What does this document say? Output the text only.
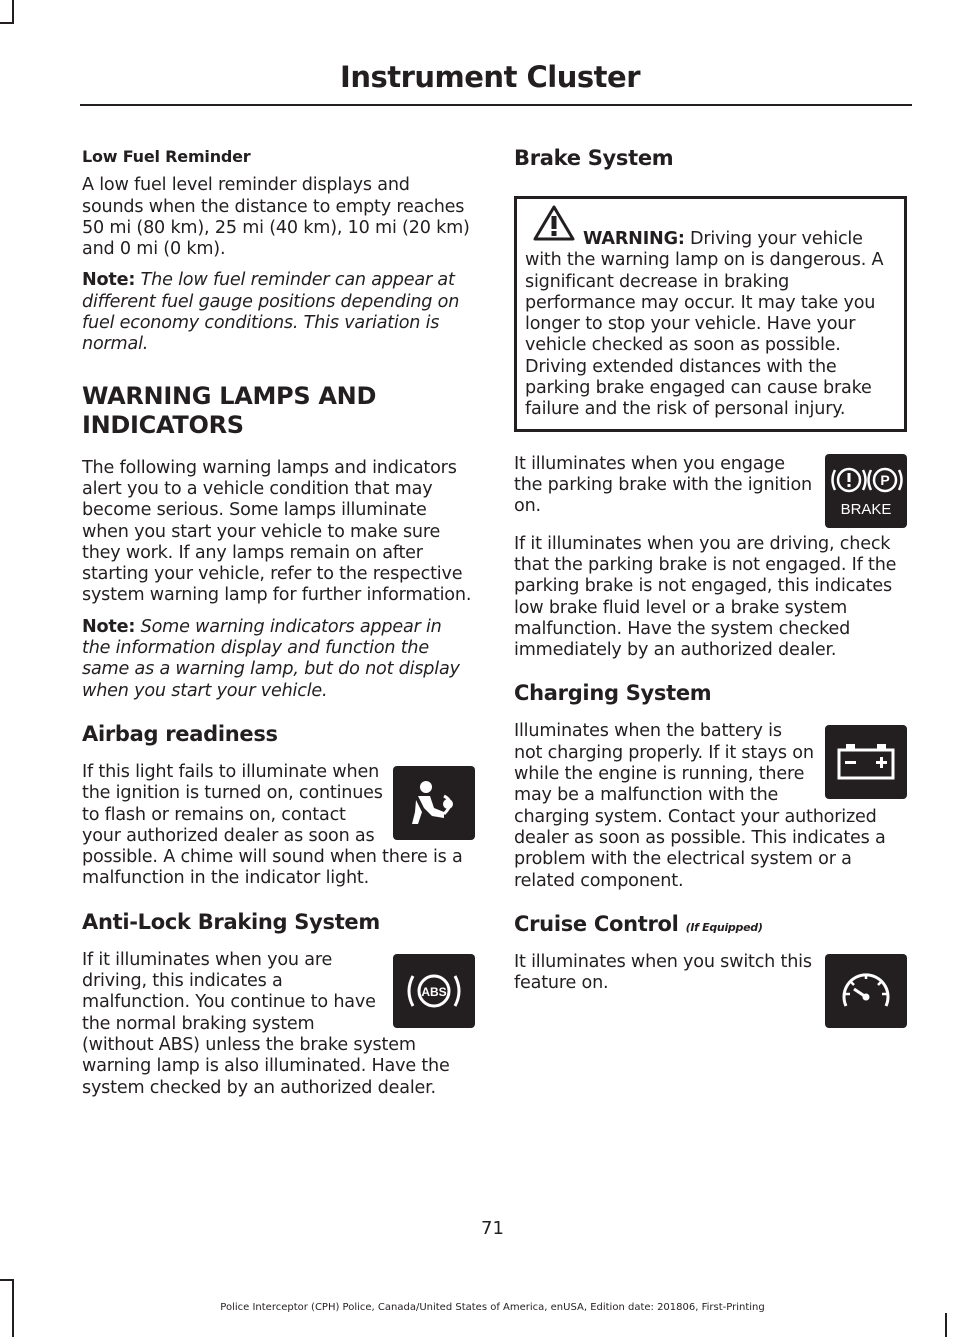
Instrument Cluster

Low Fuel Reminder

A low fuel level reminder displays and sounds when the distance to empty reaches 50 mi (80 km), 25 mi (40 km), 10 mi (20 km) and 0 mi (0 km).

Note: The low fuel reminder can appear at different fuel gauge positions depending on fuel economy conditions. This variation is normal.

WARNING LAMPS AND INDICATORS

The following warning lamps and indicators alert you to a vehicle condition that may become serious. Some lamps illuminate when you start your vehicle to make sure they work. If any lamps remain on after starting your vehicle, refer to the respective system warning lamp for further information.

Note: Some warning indicators appear in the information display and function the same as a warning lamp, but do not display when you start your vehicle.

Airbag readiness

If this light fails to illuminate when the ignition is turned on, continues to flash or remains on, contact your authorized dealer as soon as possible. A chime will sound when there is a malfunction in the indicator light.

Anti-Lock Braking System
ABS

If it illuminates when you are driving, this indicates a malfunction. You continue to have the normal braking system (without ABS) unless the brake system warning lamp is also illuminated. Have the system checked by an authorized dealer.

Brake System
WARNING: Driving your vehicle with the warning lamp on is dangerous. A significant decrease in braking performance may occur. It may take you longer to stop your vehicle. Have your vehicle checked as soon as possible. Driving extended distances with the parking brake engaged can cause brake failure and the risk of personal injury.
P
BRAKE

It illuminates when you engage the parking brake with the ignition on.

If it illuminates when you are driving, check that the parking brake is not engaged. If the parking brake is not engaged, this indicates low brake fluid level or a brake system malfunction. Have the system checked immediately by an authorized dealer.

Charging System

Illuminates when the battery is not charging properly. If it stays on while the engine is running, there may be a malfunction with the charging system. Contact your authorized dealer as soon as possible. This indicates a problem with the electrical system or a related component.

Cruise Control (If Equipped)

It illuminates when you switch this feature on.

71
Police Interceptor (CPH) Police, Canada/United States of America, enUSA, Edition date: 201806, First-Printing
